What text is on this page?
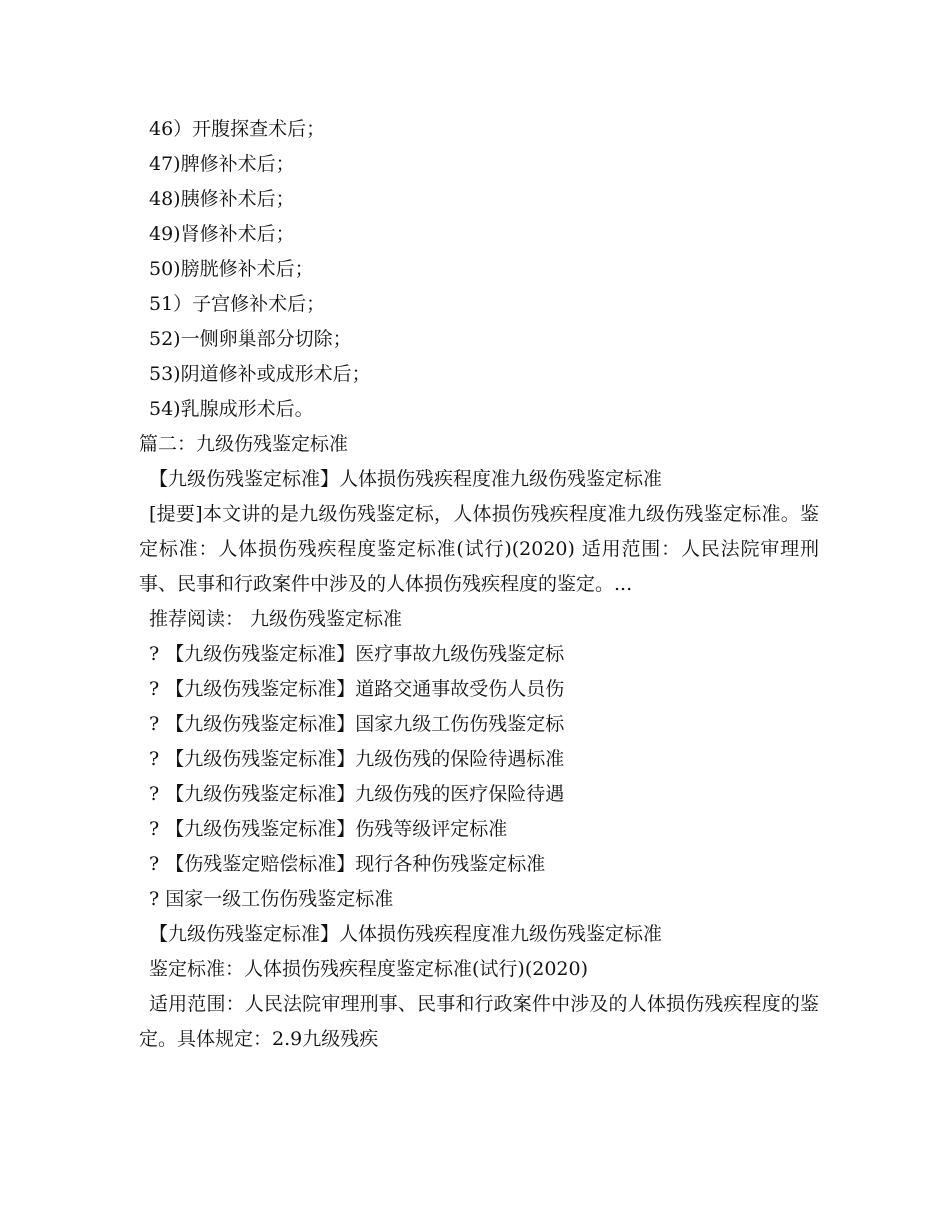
46）开腹探查术后；
47)脾修补术后；
48)胰修补术后；
49)肾修补术后；
50)膀胱修补术后；
51）子宫修补术后；
52)一侧卵巢部分切除；
53)阴道修补或成形术后；
54)乳腺成形术后。
篇二：九级伤残鉴定标准
【九级伤残鉴定标准】人体损伤残疾程度准九级伤残鉴定标准
[提要]本文讲的是九级伤残鉴定标，人体损伤残疾程度准九级伤残鉴定标准。鉴定标准：人体损伤残疾程度鉴定标准(试行)(2020) 适用范围：人民法院审理刑事、民事和行政案件中涉及的人体损伤残疾程度的鉴定。...
推荐阅读： 九级伤残鉴定标准
? 【九级伤残鉴定标准】医疗事故九级伤残鉴定标
? 【九级伤残鉴定标准】道路交通事故受伤人员伤
? 【九级伤残鉴定标准】国家九级工伤伤残鉴定标
? 【九级伤残鉴定标准】九级伤残的保险待遇标准
? 【九级伤残鉴定标准】九级伤残的医疗保险待遇
? 【九级伤残鉴定标准】伤残等级评定标准
? 【伤残鉴定赔偿标准】现行各种伤残鉴定标准
? 国家一级工伤伤残鉴定标准
【九级伤残鉴定标准】人体损伤残疾程度准九级伤残鉴定标准
鉴定标准：人体损伤残疾程度鉴定标准(试行)(2020)
适用范围：人民法院审理刑事、民事和行政案件中涉及的人体损伤残疾程度的鉴定。具体规定：2.9九级残疾
